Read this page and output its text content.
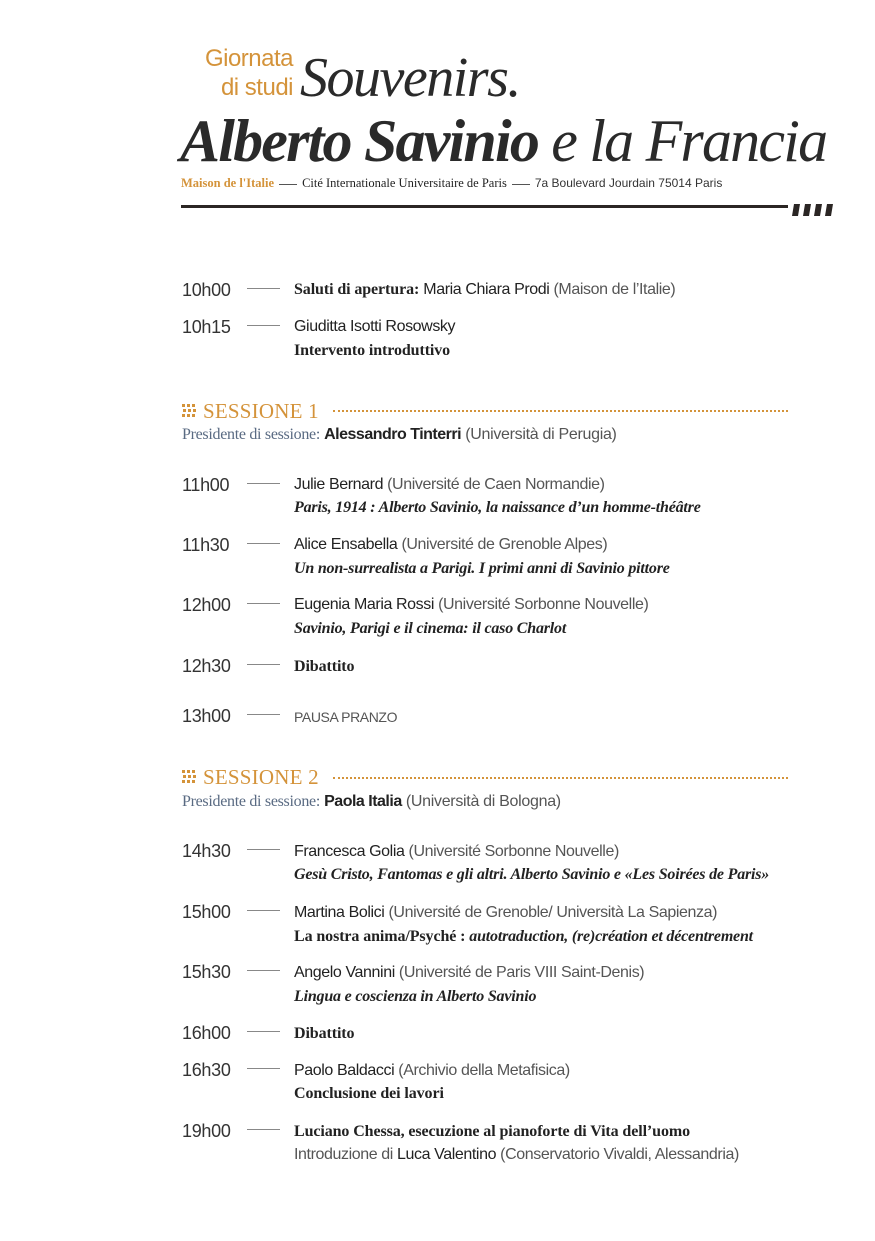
Giornata
di studi Souvenirs.
Alberto Savinio e la Francia
Maison de l'Italie Cité Internationale Universitaire de Paris 7a Boulevard Jourdain 75014 Paris
10h00	Saluti di apertura: Maria Chiara Prodi (Maison de l’Italie)
10h15	Giuditta Isotti Rosowsky
Intervento introduttivo
SESSIONE 1
Presidente di sessione: Alessandro Tinterri (Università di Perugia)
11h00	Julie Bernard (Université de Caen Normandie)
Paris, 1914 : Alberto Savinio, la naissance d’un homme-théâtre
11h30	Alice Ensabella (Université de Grenoble Alpes)
Un non-surrealista a Parigi. I primi anni di Savinio pittore
12h00	Eugenia Maria Rossi (Université Sorbonne Nouvelle)
Savinio, Parigi e il cinema: il caso Charlot
12h30	Dibattito
13h00	PAUSA PRANZO
SESSIONE 2
Presidente di sessione: Paola Italia (Università di Bologna)
14h30	Francesca Golia (Université Sorbonne Nouvelle)
Gesù Cristo, Fantomas e gli altri. Alberto Savinio e «Les Soirées de Paris»
15h00	Martina Bolici (Université de Grenoble/ Università La Sapienza)
La nostra anima/Psyché : autotraduction, (re)création et décentrement
15h30	Angelo Vannini (Université de Paris VIII Saint-Denis)
Lingua e coscienza in Alberto Savinio
16h00	Dibattito
16h30	Paolo Baldacci (Archivio della Metafisica)
Conclusione dei lavori
19h00	Luciano Chessa, esecuzione al pianoforte di Vita dell’uomo
Introduzione di Luca Valentino (Conservatorio Vivaldi, Alessandria)
